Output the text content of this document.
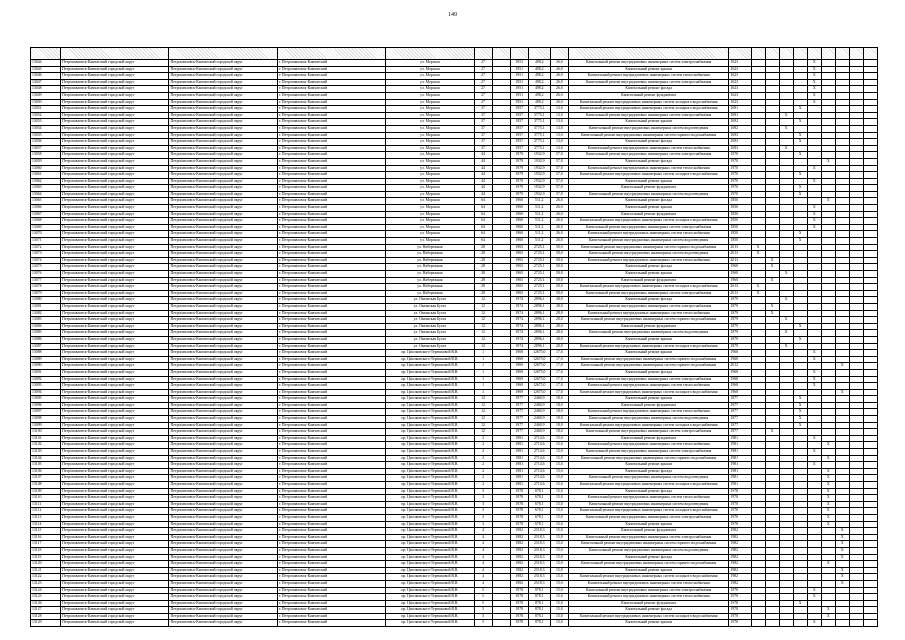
149

13044	Петропавловск-Камчатский городской округ	Петропавловск-Камчатский городской округ	г. Петропавловск-Камчатский	ул. Морская	27		1951	498,2	26,0	Капитальный ремонт внутридомовых инженерных систем электроснабжения	1623					X				
13045	Петропавловск-Камчатский городской округ	Петропавловск-Камчатский городской округ	г. Петропавловск-Камчатский	ул. Морская	27		1951	498,2	26,0	Капитальный ремонт крыши	1623					X				
13046	Петропавловск-Камчатский городской округ	Петропавловск-Камчатский городской округ	г. Петропавловск-Камчатский	ул. Морская	27		1951	498,2	26,0	Капитальный ремонт внутридомовых инженерных систем теплоснабжения	1623					X				
13047	Петропавловск-Камчатский городской округ	Петропавловск-Камчатский городской округ	г. Петропавловск-Камчатский	ул. Морская	27		1951	498,2	26,0	Капитальный ремонт внутридомовых инженерных систем электроснабжения	1623					X				
13048	Петропавловск-Камчатский городской округ	Петропавловск-Камчатский городской округ	г. Петропавловск-Камчатский	ул. Морская	27		1951	498,2	26,0	Капитальный ремонт фасада	1623					X				
13049	Петропавловск-Камчатский городской округ	Петропавловск-Камчатский городской округ	г. Петропавловск-Камчатский	ул. Морская	27		1951	498,2	26,0	Капитальный ремонт фундамента	1623					X				
13050	Петропавловск-Камчатский городской округ	Петропавловск-Камчатский городской округ	г. Петропавловск-Камчатский	ул. Морская	27		1951	498,2	26,0	Капитальный ремонт внутридомовых инженерных систем холодного водоснабжения	1623					X				
13051	Петропавловск-Камчатский городской округ	Петропавловск-Камчатский городской округ	г. Петропавловск-Камчатский	ул. Морская	37		1957	3775,1	13,0	Капитальный ремонт внутридомовых инженерных систем холодного водоснабжения	1691				X					
13052	Петропавловск-Камчатский городской округ	Петропавловск-Камчатский городской округ	г. Петропавловск-Камчатский	ул. Морская	37		1957	3775,1	13,0	Капитальный ремонт внутридомовых инженерных систем электроснабжения	1691			X						
13053	Петропавловск-Камчатский городской округ	Петропавловск-Камчатский городской округ	г. Петропавловск-Камчатский	ул. Морская	37		1957	3775,1	13,0	Капитальный ремонт крыши	1692				X					
13054	Петропавловск-Камчатский городской округ	Петропавловск-Камчатский городской округ	г. Петропавловск-Камчатский	ул. Морская	37		1957	3775,1	13,0	Капитальный ремонт внутридомовых инженерных систем водоотведения	1692			X						
13055	Петропавловск-Камчатский городской округ	Петропавловск-Камчатский городской округ	г. Петропавловск-Камчатский	ул. Морская	37		1957	3775,1	13,0	Капитальный ремонт внутридомовых инженерных систем горячего водоснабжения	1693				X					
13056	Петропавловск-Камчатский городской округ	Петропавловск-Камчатский городской округ	г. Петропавловск-Камчатский	ул. Морская	37		1957	3775,1	13,0	Капитальный ремонт фасада	1693				X					
13057	Петропавловск-Камчатский городской округ	Петропавловск-Камчатский городской округ	г. Петропавловск-Камчатский	ул. Морская	37		1957	3775,1	13,0	Капитальный ремонт внутридомовых инженерных систем теплоснабжения	1693			X						
13058	Петропавловск-Камчатский городской округ	Петропавловск-Камчатский городской округ	г. Петропавловск-Камчатский	ул. Морская	44		1979	1932,9	57,0	Капитальный ремонт внутридомовых инженерных систем электроснабжения	1970				X					
13059	Петропавловск-Камчатский городской округ	Петропавловск-Камчатский городской округ	г. Петропавловск-Камчатский	ул. Морская	44		1979	1932,9	57,0	Капитальный ремонт фасада	1970						X			
13060	Петропавловск-Камчатский городской округ	Петропавловск-Камчатский городской округ	г. Петропавловск-Камчатский	ул. Морская	44		1979	1932,9	57,0	Капитальный ремонт внутридомовых инженерных систем теплоснабжения	1970					X				
13061	Петропавловск-Камчатский городской округ	Петропавловск-Камчатский городской округ	г. Петропавловск-Камчатский	ул. Морская	44		1979	1932,9	57,0	Капитальный ремонт внутридомовых инженерных систем холодного водоснабжения	1970				X					
13062	Петропавловск-Камчатский городской округ	Петропавловск-Камчатский городской округ	г. Петропавловск-Камчатский	ул. Морская	44		1979	1932,9	57,0	Капитальный ремонт крыши	1970					X				
13063	Петропавловск-Камчатский городской округ	Петропавловск-Камчатский городской округ	г. Петропавловск-Камчатский	ул. Морская	44		1979	1932,9	57,0	Капитальный ремонт фундамента	1970				X					
13064	Петропавловск-Камчатский городской округ	Петропавловск-Камчатский городской округ	г. Петропавловск-Камчатский	ул. Морская	44		1979	1932,9	57,0	Капитальный ремонт внутридомовых инженерных систем водоотведения	1970				X					
13065	Петропавловск-Камчатский городской округ	Петропавловск-Камчатский городской округ	г. Петропавловск-Камчатский	ул. Морская	64		1960	511,2	26,0	Капитальный ремонт фасада	1850						X			
13066	Петропавловск-Камчатский городской округ	Петропавловск-Камчатский городской округ	г. Петропавловск-Камчатский	ул. Морская	64		1960	511,2	26,0	Капитальный ремонт крыши	1850					X				
13067	Петропавловск-Камчатский городской округ	Петропавловск-Камчатский городской округ	г. Петропавловск-Камчатский	ул. Морская	64		1960	511,2	26,0	Капитальный ремонт фундамента	1850					X				
13068	Петропавловск-Камчатский городской округ	Петропавловск-Камчатский городской округ	г. Петропавловск-Камчатский	ул. Морская	64		1960	511,2	26,0	Капитальный ремонт внутридомовых инженерных систем холодного водоснабжения	1850					X				
13069	Петропавловск-Камчатский городской округ	Петропавловск-Камчатский городской округ	г. Петропавловск-Камчатский	ул. Морская	64		1960	511,2	26,0	Капитальный ремонт внутридомовых инженерных систем электроснабжения	1850					X				
13070	Петропавловск-Камчатский городской округ	Петропавловск-Камчатский городской округ	г. Петропавловск-Камчатский	ул. Морская	64		1960	511,2	26,0	Капитальный ремонт внутридомовых инженерных систем теплоснабжения	1850				X					
13071	Петропавловск-Камчатский городской округ	Петропавловск-Камчатский городской округ	г. Петропавловск-Камчатский	ул. Морская	64		1960	511,2	26,0	Капитальный ремонт внутридомовых инженерных систем водоотведения	1850				X					
13072	Петропавловск-Камчатский городской округ	Петропавловск-Камчатский городской округ	г. Петропавловск-Камчатский	ул. Набережная	28		1965	2725,1	50,0	Капитальный ремонт внутридомовых инженерных систем горячего водоснабжения	2013	X								
13073	Петропавловск-Камчатский городской округ	Петропавловск-Камчатский городской округ	г. Петропавловск-Камчатский	ул. Набережная	28		1965	2725,1	50,0	Капитальный ремонт внутридомовых инженерных систем водоотведения	2013	X								
13074	Петропавловск-Камчатский городской округ	Петропавловск-Камчатский городской округ	г. Петропавловск-Камчатский	ул. Набережная	28		1965	2725,1	50,0	Капитальный ремонт внутридомовых инженерных систем теплоснабжения	2013		X							
13075	Петропавловск-Камчатский городской округ	Петропавловск-Камчатский городской округ	г. Петропавловск-Камчатский	ул. Набережная	28		1965	2725,1	50,0	Капитальный ремонт фасада	1960		X							
13076	Петропавловск-Камчатский городской округ	Петропавловск-Камчатский городской округ	г. Петропавловск-Камчатский	ул. Набережная	28		1965	2725,1	50,0	Капитальный ремонт крыши	1960			X						
13077	Петропавловск-Камчатский городской округ	Петропавловск-Камчатский городской округ	г. Петропавловск-Камчатский	ул. Набережная	28		1965	2725,1	50,0	Капитальный ремонт фундамента	1960		X							
13078	Петропавловск-Камчатский городской округ	Петропавловск-Камчатский городской округ	г. Петропавловск-Камчатский	ул. Набережная	28		1965	2725,1	50,0	Капитальный ремонт внутридомовых инженерных систем холодного водоснабжения	2013	X								
13079	Петропавловск-Камчатский городской округ	Петропавловск-Камчатский городской округ	г. Петропавловск-Камчатский	ул. Набережная	28		1965	2725,1	50,0	Капитальный ремонт внутридомовых инженерных систем электроснабжения	2013	X								
13080	Петропавловск-Камчатский городской округ	Петропавловск-Камчатский городской округ	г. Петропавловск-Камчатский	ул. Океанская Бухта	12		1974	2896,1	28,0	Капитальный ремонт фасада	1879			X						
13081	Петропавловск-Камчатский городской округ	Петропавловск-Камчатский городской округ	г. Петропавловск-Камчатский	ул. Океанская Бухта	12		1974	2896,1	28,0	Капитальный ремонт внутридомовых инженерных систем электроснабжения	1879		X							
13082	Петропавловск-Камчатский городской округ	Петропавловск-Камчатский городской округ	г. Петропавловск-Камчатский	ул. Океанская Бухта	12		1974	2896,1	28,0	Капитальный ремонт внутридомовых инженерных систем теплоснабжения	1879		X							
13083	Петропавловск-Камчатский городской округ	Петропавловск-Камчатский городской округ	г. Петропавловск-Камчатский	ул. Океанская Бухта	12		1974	2896,1	28,0	Капитальный ремонт внутридомовых инженерных систем горячего водоснабжения	1879			X						
13084	Петропавловск-Камчатский городской округ	Петропавловск-Камчатский городской округ	г. Петропавловск-Камчатский	ул. Океанская Бухта	12		1974	2896,1	28,0	Капитальный ремонт фундамента	1879				X					
13085	Петропавловск-Камчатский городской округ	Петропавловск-Камчатский городской округ	г. Петропавловск-Камчатский	ул. Океанская Бухта	12		1974	2896,1	28,0	Капитальный ремонт внутридомовых инженерных систем водоотведения	1879			X						
13086	Петропавловск-Камчатский городской округ	Петропавловск-Камчатский городской округ	г. Петропавловск-Камчатский	ул. Океанская Бухта	12		1974	2896,1	28,0	Капитальный ремонт крыши	1879				X					
13087	Петропавловск-Камчатский городской округ	Петропавловск-Камчатский городской округ	г. Петропавловск-Камчатский	ул. Океанская Бухта	12		1974	2896,1	28,0	Капитальный ремонт внутридомовых инженерных систем холодного водоснабжения	1879			X						
13088	Петропавловск-Камчатский городской округ	Петропавловск-Камчатский городской округ	г. Петропавловск-Камчатский	пр. Циолковского-Терешковой В.В.	1		1969	12675,0	17,0	Капитальный ремонт крыши	1968					X				
13089	Петропавловск-Камчатский городской округ	Петропавловск-Камчатский городской округ	г. Петропавловск-Камчатский	пр. Циолковского-Терешковой В.В.	1		1969	12675,0	17,0	Капитальный ремонт внутридомовых инженерных систем горячего водоснабжения	1968					X				
13090	Петропавловск-Камчатский городской округ	Петропавловск-Камчатский городской округ	г. Петропавловск-Камчатский	пр. Циолковского-Терешковой В.В.	1		1969	12675,0	17,0	Капитальный ремонт внутридомовых инженерных систем горячего водоснабжения	2012							X		
13091	Петропавловск-Камчатский городской округ	Петропавловск-Камчатский городской округ	г. Петропавловск-Камчатский	пр. Циолковского-Терешковой В.В.	1		1969	12675,0	17,0	Капитальный ремонт фасада	1968					X				
13092	Петропавловск-Камчатский городской округ	Петропавловск-Камчатский городской округ	г. Петропавловск-Камчатский	пр. Циолковского-Терешковой В.В.	1		1969	12675,0	17,0	Капитальный ремонт внутридомовых инженерных систем электроснабжения	1968					X				
13093	Петропавловск-Камчатский городской округ	Петропавловск-Камчатский городской округ	г. Петропавловск-Камчатский	пр. Циолковского-Терешковой В.В.	1		1969	12675,0	17,0	Капитальный ремонт внутридомовых инженерных систем теплоснабжения	1968					X				
13094	Петропавловск-Камчатский городской округ	Петропавловск-Камчатский городской округ	г. Петропавловск-Камчатский	пр. Циолковского-Терешковой В.В.	1		1969	12675,0	17,0	Капитальный ремонт внутридомовых инженерных систем холодного водоснабжения	1968							X		
13095	Петропавловск-Камчатский городской округ	Петропавловск-Камчатский городской округ	г. Петропавловск-Камчатский	пр. Циолковского-Терешковой В.В.	12		1977	2460,9	18,0	Капитальный ремонт крыши	1877				X					
13096	Петропавловск-Камчатский городской округ	Петропавловск-Камчатский городской округ	г. Петропавловск-Камчатский	пр. Циолковского-Терешковой В.В.	12		1977	2460,9	18,0	Капитальный ремонт фундамента	1877				X					
13097	Петропавловск-Камчатский городской округ	Петропавловск-Камчатский городской округ	г. Петропавловск-Камчатский	пр. Циолковского-Терешковой В.В.	12		1977	2460,9	18,0	Капитальный ремонт внутридомовых инженерных систем теплоснабжения	1877				X					
13098	Петропавловск-Камчатский городской округ	Петропавловск-Камчатский городской округ	г. Петропавловск-Камчатский	пр. Циолковского-Терешковой В.В.	12		1977	2460,9	18,0	Капитальный ремонт внутридомовых инженерных систем водоотведения	1877				X					
13099	Петропавловск-Камчатский городской округ	Петропавловск-Камчатский городской округ	г. Петропавловск-Камчатский	пр. Циолковского-Терешковой В.В.	12		1977	2460,9	18,0	Капитальный ремонт внутридомовых инженерных систем холодного водоснабжения	1877				X					
13100	Петропавловск-Камчатский городской округ	Петропавловск-Камчатский городской округ	г. Петропавловск-Камчатский	пр. Циолковского-Терешковой В.В.	12		1977	2460,9	18,0	Капитальный ремонт внутридомовых инженерных систем электроснабжения	1877		X							
13101	Петропавловск-Камчатский городской округ	Петропавловск-Камчатский городской округ	г. Петропавловск-Камчатский	пр. Циолковского-Терешковой В.В.	2		1981	2714,6	15,0	Капитальный ремонт фундамента	1981					X				
13102	Петропавловск-Камчатский городской округ	Петропавловск-Камчатский городской округ	г. Петропавловск-Камчатский	пр. Циолковского-Терешковой В.В.	2		1981	2714,6	15,0	Капитальный ремонт внутридомовых инженерных систем теплоснабжения	1981						X			
13103	Петропавловск-Камчатский городской округ	Петропавловск-Камчатский городской округ	г. Петропавловск-Камчатский	пр. Циолковского-Терешковой В.В.	2		1981	2714,6	15,0	Капитальный ремонт внутридомовых инженерных систем электроснабжения	1981					X				
13104	Петропавловск-Камчатский городской округ	Петропавловск-Камчатский городской округ	г. Петропавловск-Камчатский	пр. Циолковского-Терешковой В.В.	2		1981	2714,6	15,0	Капитальный ремонт внутридомовых инженерных систем горячего водоснабжения	1981						X			
13105	Петропавловск-Камчатский городской округ	Петропавловск-Камчатский городской округ	г. Петропавловск-Камчатский	пр. Циолковского-Терешковой В.В.	2		1981	2714,6	15,0	Капитальный ремонт крыши	1981					X				
13106	Петропавловск-Камчатский городской округ	Петропавловск-Камчатский городской округ	г. Петропавловск-Камчатский	пр. Циолковского-Терешковой В.В.	2		1981	2714,6	15,0	Капитальный ремонт фасада	1981						X			
13107	Петропавловск-Камчатский городской округ	Петропавловск-Камчатский городской округ	г. Петропавловск-Камчатский	пр. Циолковского-Терешковой В.В.	2		1981	2714,6	15,0	Капитальный ремонт внутридомовых инженерных систем водоотведения	1981						X			
13108	Петропавловск-Камчатский городской округ	Петропавловск-Камчатский городской округ	г. Петропавловск-Камчатский	пр. Циолковского-Терешковой В.В.	2		1981	2714,6	15,0	Капитальный ремонт внутридомовых инженерных систем холодного водоснабжения	1981						X			
13109	Петропавловск-Камчатский городской округ	Петропавловск-Камчатский городской округ	г. Петропавловск-Камчатский	пр. Циолковского-Терешковой В.В.	3		1978	678,1	15,0	Капитальный ремонт фасада	1978						X			
13110	Петропавловск-Камчатский городской округ	Петропавловск-Камчатский городской округ	г. Петропавловск-Камчатский	пр. Циолковского-Терешковой В.В.	3		1978	678,1	15,0	Капитальный ремонт внутридомовых инженерных систем теплоснабжения	1978						X			
13111	Петропавловск-Камчатский городской округ	Петропавловск-Камчатский городской округ	г. Петропавловск-Камчатский	пр. Циолковского-Терешковой В.В.	3		1978	678,1	15,0	Капитальный ремонт внутридомовых инженерных систем водоотведения	1978						X			
13112	Петропавловск-Камчатский городской округ	Петропавловск-Камчатский городской округ	г. Петропавловск-Камчатский	пр. Циолковского-Терешковой В.В.	3		1978	678,1	15,0	Капитальный ремонт внутридомовых инженерных систем холодного водоснабжения	1978						X			
13113	Петропавловск-Камчатский городской округ	Петропавловск-Камчатский городской округ	г. Петропавловск-Камчатский	пр. Циолковского-Терешковой В.В.	3		1978	678,1	15,0	Капитальный ремонт внутридомовых инженерных систем электроснабжения	1978						X			
13114	Петропавловск-Камчатский городской округ	Петропавловск-Камчатский городской округ	г. Петропавловск-Камчатский	пр. Циолковского-Терешковой В.В.	3		1978	678,1	15,0	Капитальный ремонт крыши	1978						X			
13115	Петропавловск-Камчатский городской округ	Петропавловск-Камчатский городской округ	г. Петропавловск-Камчатский	пр. Циолковского-Терешковой В.В.	4		1982	2518,3	15,0	Капитальный ремонт фундамента	1982							X		
13116	Петропавловск-Камчатский городской округ	Петропавловск-Камчатский городской округ	г. Петропавловск-Камчатский	пр. Циолковского-Терешковой В.В.	4		1982	2518,3	15,0	Капитальный ремонт внутридомовых инженерных систем электроснабжения	1982							X		
13117	Петропавловск-Камчатский городской округ	Петропавловск-Камчатский городской округ	г. Петропавловск-Камчатский	пр. Циолковского-Терешковой В.В.	4		1982	2518,3	15,0	Капитальный ремонт внутридомовых инженерных систем горячего водоснабжения	1982							X		
13118	Петропавловск-Камчатский городской округ	Петропавловск-Камчатский городской округ	г. Петропавловск-Камчатский	пр. Циолковского-Терешковой В.В.	4		1982	2518,3	15,0	Капитальный ремонт внутридомовых инженерных систем водоотведения	1982							X		
13119	Петропавловск-Камчатский городской округ	Петропавловск-Камчатский городской округ	г. Петропавловск-Камчатский	пр. Циолковского-Терешковой В.В.	4		1982	2518,3	15,0	Капитальный ремонт фасада	1982							X		
13120	Петропавловск-Камчатский городской округ	Петропавловск-Камчатский городской округ	г. Петропавловск-Камчатский	пр. Циолковского-Терешковой В.В.	4		1982	2518,3	15,0	Капитальный ремонт внутридомовых инженерных систем горячего водоснабжения	1982						X			
13121	Петропавловск-Камчатский городской округ	Петропавловск-Камчатский городской округ	г. Петропавловск-Камчатский	пр. Циолковского-Терешковой В.В.	4		1982	2518,3	15,0	Капитальный ремонт крыши	1982							X		
13122	Петропавловск-Камчатский городской округ	Петропавловск-Камчатский городской округ	г. Петропавловск-Камчатский	пр. Циолковского-Терешковой В.В.	4		1982	2518,3	15,0	Капитальный ремонт внутридомовых инженерных систем холодного водоснабжения	1982							X		
13123	Петропавловск-Камчатский городской округ	Петропавловск-Камчатский городской округ	г. Петропавловск-Камчатский	пр. Циолковского-Терешковой В.В.	4		1982	2518,3	15,0	Капитальный ремонт внутридомовых инженерных систем теплоснабжения	1982							X		
13124	Петропавловск-Камчатский городской округ	Петропавловск-Камчатский городской округ	г. Петропавловск-Камчатский	пр. Циолковского-Терешковой В.В.	5		1978	878,1	15,0	Капитальный ремонт внутридомовых инженерных систем электроснабжения	1978					X				
13125	Петропавловск-Камчатский городской округ	Петропавловск-Камчатский городской округ	г. Петропавловск-Камчатский	пр. Циолковского-Терешковой В.В.	5		1978	878,1	15,0	Капитальный ремонт внутридомовых инженерных систем теплоснабжения	1978					X				
13126	Петропавловск-Камчатский городской округ	Петропавловск-Камчатский городской округ	г. Петропавловск-Камчатский	пр. Циолковского-Терешковой В.В.	5		1978	878,1	15,0	Капитальный ремонт фундамента	1978				X					
13127	Петропавловск-Камчатский городской округ	Петропавловск-Камчатский городской округ	г. Петропавловск-Камчатский	пр. Циолковского-Терешковой В.В.	5		1978	878,1	15,0	Капитальный ремонт фасада	1978						X			
13128	Петропавловск-Камчатский городской округ	Петропавловск-Камчатский городской округ	г. Петропавловск-Камчатский	пр. Циолковского-Терешковой В.В.	5		1978	878,1	15,0	Капитальный ремонт внутридомовых инженерных систем холодного водоснабжения	1978						X			
13129	Петропавловск-Камчатский городской округ	Петропавловск-Камчатский городской округ	г. Петропавловск-Камчатский	пр. Циолковского-Терешковой В.В.	5		1978	878,1	15,0	Капитальный ремонт крыши	1978					X				
